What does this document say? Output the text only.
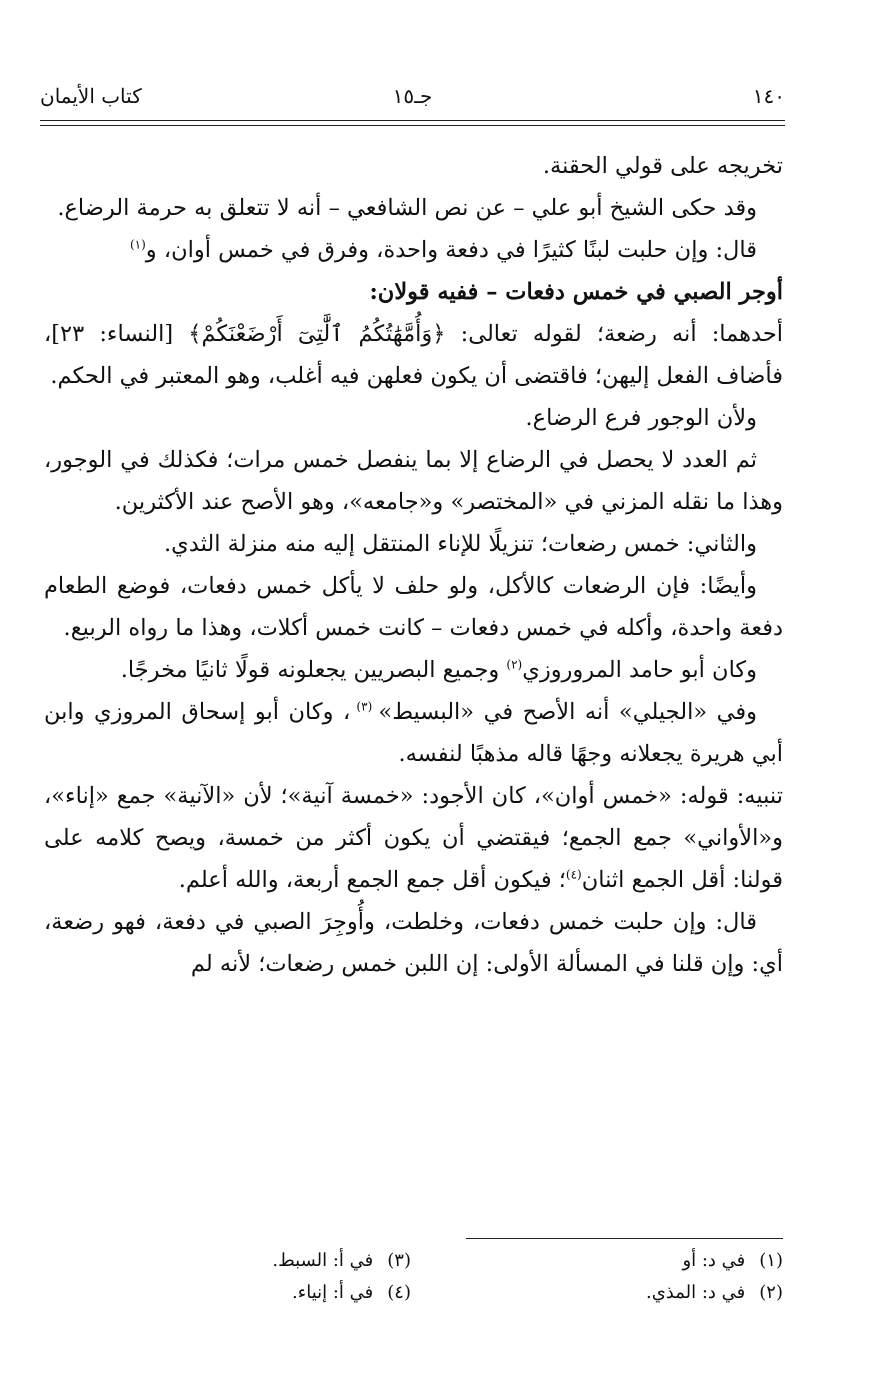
١٤٠
جـ١٥
كتاب الأيمان

تخريجه على قولي الحقنة.

وقد حكى الشيخ أبو علي – عن نص الشافعي – أنه لا تتعلق به حرمة الرضاع.

قال: وإن حلبت لبنًا كثيرًا في دفعة واحدة، وفرق في خمس أوان، و$^{(١)}$

أوجر الصبي في خمس دفعات – ففيه قولان:

أحدهما: أنه رضعة؛ لقوله تعالى: ﴿وَأُمَّهَٰتُكُمُ ٱلَّٰتِىٓ أَرْضَعْنَكُمْ﴾ [النساء: ٢٣]، فأضاف الفعل إليهن؛ فاقتضى أن يكون فعلهن فيه أغلب، وهو المعتبر في الحكم.

ولأن الوجور فرع الرضاع.

ثم العدد لا يحصل في الرضاع إلا بما ينفصل خمس مرات؛ فكذلك في الوجور، وهذا ما نقله المزني في «المختصر» و«جامعه»، وهو الأصح عند الأكثرين.

والثاني: خمس رضعات؛ تنزيلًا للإناء المنتقل إليه منه منزلة الثدي.

وأيضًا: فإن الرضعات كالأكل، ولو حلف لا يأكل خمس دفعات، فوضع الطعام دفعة واحدة، وأكله في خمس دفعات – كانت خمس أكلات، وهذا ما رواه الربيع.

وكان أبو حامد المروروزي$^{(٢)}$ وجميع البصريين يجعلونه قولًا ثانيًا مخرجًا.

وفي «الجيلي» أنه الأصح في «البسيط» $^{(٣)}$ ، وكان أبو إسحاق المروزي وابن أبي هريرة يجعلانه وجهًا قاله مذهبًا لنفسه.

تنبيه: قوله: «خمس أوان»، كان الأجود: «خمسة آنية»؛ لأن «الآنية» جمع «إناء»، و«الأواني» جمع الجمع؛ فيقتضي أن يكون أكثر من خمسة، ويصح كلامه على قولنا: أقل الجمع اثنان$^{(٤)}$؛ فيكون أقل جمع الجمع أربعة، والله أعلم.

قال: وإن حلبت خمس دفعات، وخلطت، وأُوجِرَ الصبي في دفعة، فهو رضعة، أي: وإن قلنا في المسألة الأولى: إن اللبن خمس رضعات؛ لأنه لم

(١)في د: أو
(٢)في د: المذي.
(٣)في أ: السبط.
(٤)في أ: إنياء.
